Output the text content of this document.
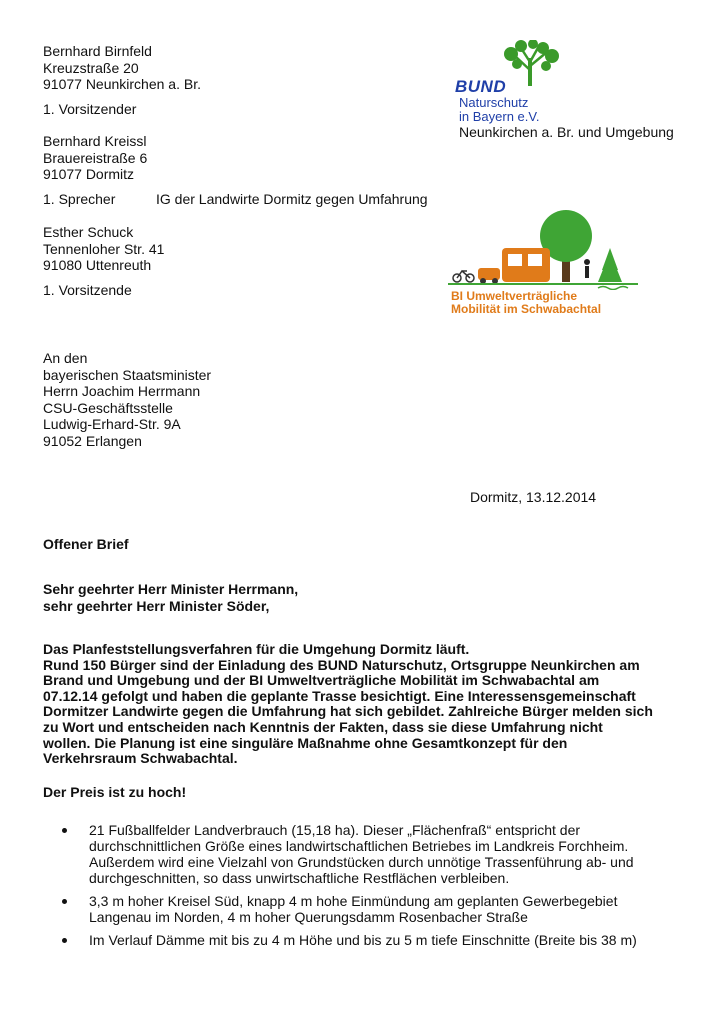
Bernhard Birnfeld
Kreuzstraße 20
91077 Neunkirchen a. Br.
1. Vorsitzender
Bernhard Kreissl
Brauereistraße 6
91077 Dormitz
1. Sprecher	IG der Landwirte Dormitz gegen Umfahrung
Esther Schuck
Tennenloher Str. 41
91080 Uttenreuth
1. Vorsitzende
BUND
Naturschutz
in Bayern e.V.
Neunkirchen a. Br. und Umgebung
BI Umweltverträgliche
Mobilität im Schwabachtal
An den
bayerischen Staatsminister
Herrn Joachim Herrmann
CSU-Geschäftsstelle
Ludwig-Erhard-Str. 9A
91052 Erlangen
Dormitz, 13.12.2014
Offener Brief
Sehr geehrter Herr Minister Herrmann,
sehr geehrter Herr Minister Söder,
Das Planfeststellungsverfahren für die Umgehung Dormitz läuft.
Rund 150 Bürger sind der Einladung des BUND Naturschutz, Ortsgruppe Neunkirchen am
Brand und Umgebung und der BI Umweltverträgliche Mobilität im Schwabachtal am
07.12.14 gefolgt und haben die geplante Trasse besichtigt. Eine Interessensgemeinschaft
Dormitzer Landwirte gegen die Umfahrung hat sich gebildet. Zahlreiche Bürger melden sich
zu Wort und entscheiden nach Kenntnis der Fakten, dass sie diese Umfahrung nicht
wollen. Die Planung ist eine singuläre Maßnahme ohne Gesamtkonzept für den
Verkehrsraum Schwabachtal.
Der Preis ist zu hoch!
21 Fußballfelder Landverbrauch (15,18 ha). Dieser „Flächenfraß“ entspricht der
durchschnittlichen Größe eines landwirtschaftlichen Betriebes im Landkreis Forchheim.
Außerdem wird eine Vielzahl von Grundstücken durch unnötige Trassenführung ab- und
durchgeschnitten, so dass unwirtschaftliche Restflächen verbleiben.
3,3 m hoher Kreisel Süd, knapp 4 m hohe Einmündung am geplanten Gewerbegebiet
Langenau im Norden, 4 m hoher Querungsdamm Rosenbacher Straße
Im Verlauf Dämme mit bis zu 4 m Höhe und bis zu 5 m tiefe Einschnitte (Breite bis 38 m)
